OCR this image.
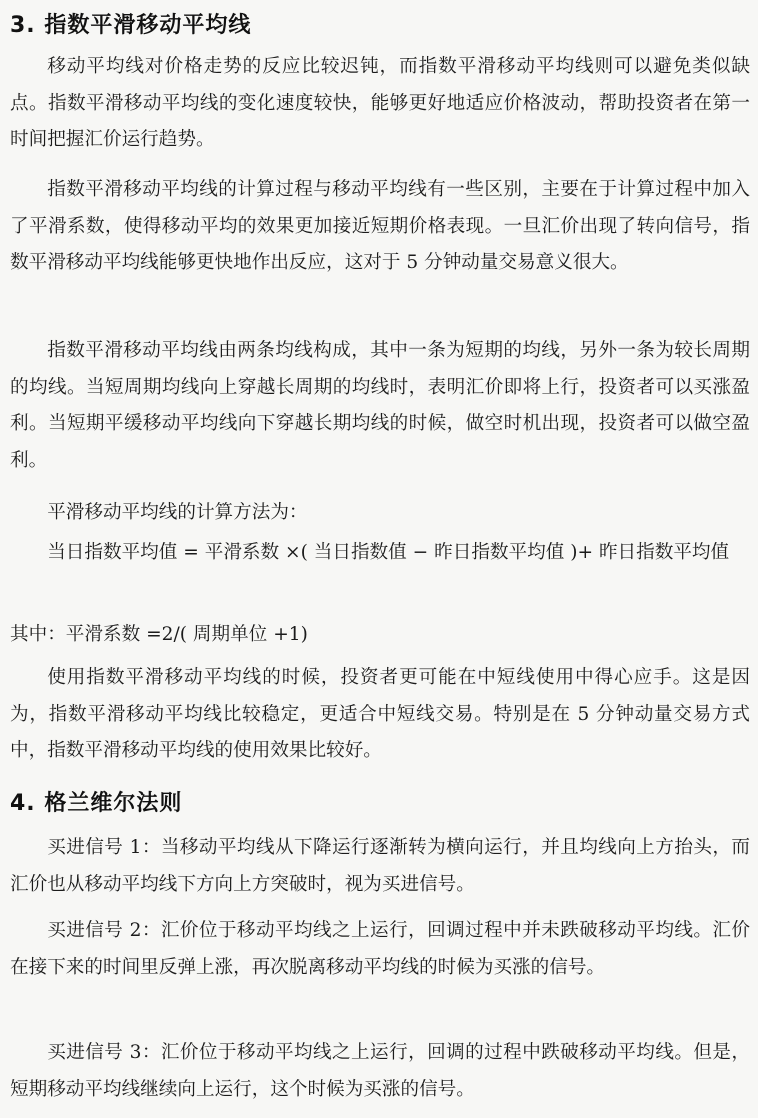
3. 指数平滑移动平均线

移动平均线对价格走势的反应比较迟钝，而指数平滑移动平均线则可以避免类似缺点。指数平滑移动平均线的变化速度较快，能够更好地适应价格波动，帮助投资者在第一时间把握汇价运行趋势。

指数平滑移动平均线的计算过程与移动平均线有一些区别，主要在于计算过程中加入了平滑系数，使得移动平均的效果更加接近短期价格表现。一旦汇价出现了转向信号，指数平滑移动平均线能够更快地作出反应，这对于 5 分钟动量交易意义很大。

指数平滑移动平均线由两条均线构成，其中一条为短期的均线，另外一条为较长周期的均线。当短周期均线向上穿越长周期的均线时，表明汇价即将上行，投资者可以买涨盈利。当短期平缓移动平均线向下穿越长期均线的时候，做空时机出现，投资者可以做空盈利。

平滑移动平均线的计算方法为：

当日指数平均值 = 平滑系数 ×( 当日指数值 − 昨日指数平均值 )+ 昨日指数平均值

其中：平滑系数 =2/( 周期单位 +1)

使用指数平滑移动平均线的时候，投资者更可能在中短线使用中得心应手。这是因为，指数平滑移动平均线比较稳定，更适合中短线交易。特别是在 5 分钟动量交易方式中，指数平滑移动平均线的使用效果比较好。

4. 格兰维尔法则

买进信号 1：当移动平均线从下降运行逐渐转为横向运行，并且均线向上方抬头，而汇价也从移动平均线下方向上方突破时，视为买进信号。

买进信号 2：汇价位于移动平均线之上运行，回调过程中并未跌破移动平均线。汇价在接下来的时间里反弹上涨，再次脱离移动平均线的时候为买涨的信号。

买进信号 3：汇价位于移动平均线之上运行，回调的过程中跌破移动平均线。但是，短期移动平均线继续向上运行，这个时候为买涨的信号。
